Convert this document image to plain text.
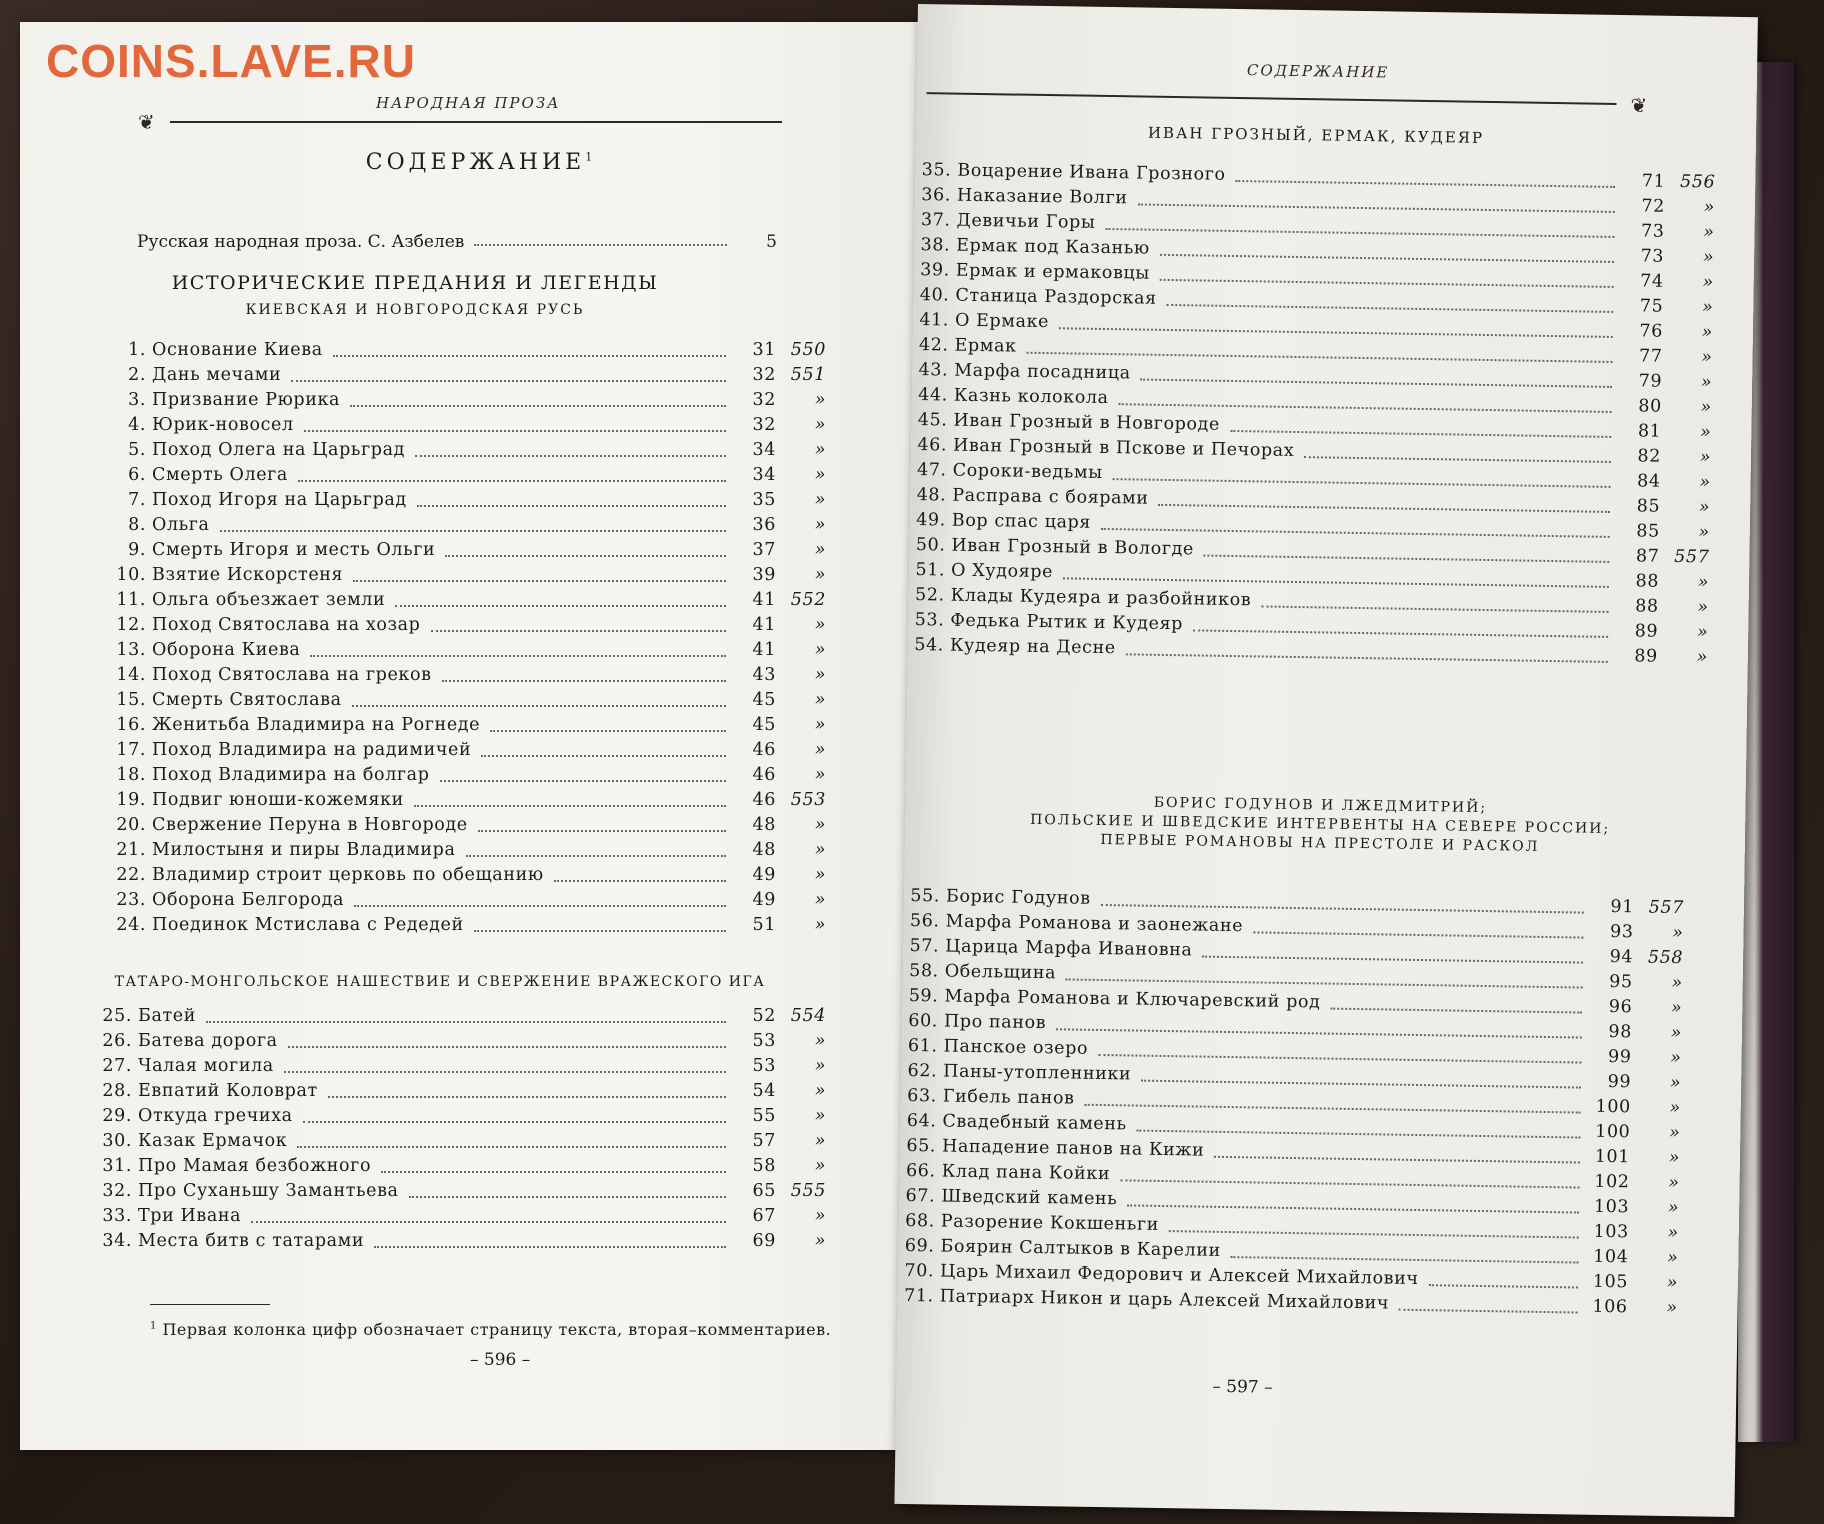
НАРОДНАЯ ПРОЗА
❦
СОДЕРЖАНИЕ$^1$
Русская народная проза. С. Азбелев	5
ИСТОРИЧЕСКИЕ ПРЕДАНИЯ И ЛЕГЕНДЫ
КИЕВСКАЯ И НОВГОРОДСКАЯ РУСЬ
1. Основание Киева	31 550
2. Дань мечами	32 551
3. Призвание Рюрика	32	»
4. Юрик-новосел	32	»
5. Поход Олега на Царьград	34	»
6. Смерть Олега	34	»
7. Поход Игоря на Царьград	35	»
8. Ольга	36	»
9. Смерть Игоря и месть Ольги	37	»
10. Взятие Искорстеня	39	»
11. Ольга объезжает земли	41 552
12. Поход Святослава на хозар	41	»
13. Оборона Киева	41	»
14. Поход Святослава на греков	43	»
15. Смерть Святослава	45	»
16. Женитьба Владимира на Рогнеде	45	»
17. Поход Владимира на радимичей	46	»
18. Поход Владимира на болгар	46	»
19. Подвиг юноши-кожемяки	46 553
20. Свержение Перуна в Новгороде	48	»
21. Милостыня и пиры Владимира	48	»
22. Владимир строит церковь по обещанию	49	»
23. Оборона Белгорода	49	»
24. Поединок Мстислава с Редедей	51	»
ТАТАРО-МОНГОЛЬСКОЕ НАШЕСТВИЕ И СВЕРЖЕНИЕ ВРАЖЕСКОГО ИГА
25. Батей	52 554
26. Батева дорога	53	»
27. Чалая могила	53	»
28. Евпатий Коловрат	54	»
29. Откуда гречиха	55	»
30. Казак Ермачок	57	»
31. Про Мамая безбожного	58	»
32. Про Суханьшу Замантьева	65 555
33. Три Ивана	67	»
34. Места битв с татарами	69	»
$^1$ Первая колонка цифр обозначает страницу текста, вторая–комментариев.
– 596 –
СОДЕРЖАНИЕ
❦
ИВАН ГРОЗНЫЙ, ЕРМАК, КУДЕЯР
35. Воцарение Ивана Грозного	71 556
36. Наказание Волги	72	»
37. Девичьи Горы	73	»
38. Ермак под Казанью	73	»
39. Ермак и ермаковцы	74	»
40. Станица Раздорская	75	»
41. О Ермаке	76	»
42. Ермак	77	»
43. Марфа посадница	79	»
44. Казнь колокола	80	»
45. Иван Грозный в Новгороде	81	»
46. Иван Грозный в Пскове и Печорах	82	»
47. Сороки-ведьмы	84	»
48. Расправа с боярами	85	»
49. Вор спас царя	85	»
50. Иван Грозный в Вологде	87 557
51. О Худояре	88	»
52. Клады Кудеяра и разбойников	88	»
53. Федька Рытик и Кудеяр	89	»
54. Кудеяр на Десне	89	»
БОРИС ГОДУНОВ И ЛЖЕДМИТРИЙ;
ПОЛЬСКИЕ И ШВЕДСКИЕ ИНТЕРВЕНТЫ НА СЕВЕРЕ РОССИИ;
ПЕРВЫЕ РОМАНОВЫ НА ПРЕСТОЛЕ И РАСКОЛ
55. Борис Годунов	91 557
56. Марфа Романова и заонежане	93	»
57. Царица Марфа Ивановна	94 558
58. Обельщина	95	»
59. Марфа Романова и Ключаревский род	96	»
60. Про панов	98	»
61. Панское озеро	99	»
62. Паны-утопленники	99	»
63. Гибель панов	100	»
64. Свадебный камень	100	»
65. Нападение панов на Кижи	101	»
66. Клад пана Койки	102	»
67. Шведский камень	103	»
68. Разорение Кокшеньги	103	»
69. Боярин Салтыков в Карелии	104	»
70. Царь Михаил Федорович и Алексей Михайлович	105	»
71. Патриарх Никон и царь Алексей Михайлович	106	»
– 597 –
COINS.LAVE.RU
